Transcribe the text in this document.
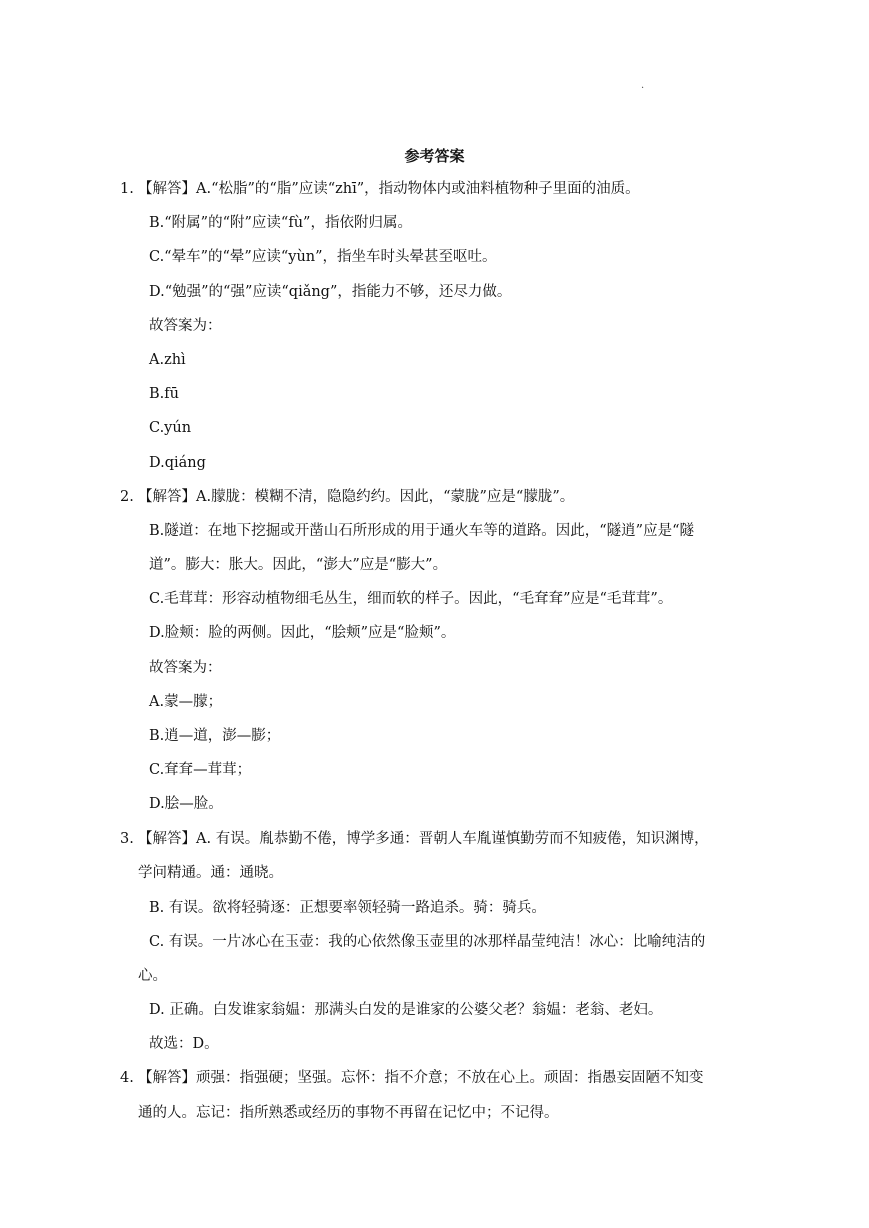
·
参考答案
1. 【解答】A.“松脂”的“脂”应读“zhī”，指动物体内或油料植物种子里面的油质。
B.“附属”的“附”应读“fù”，指依附归属。
C.“晕车”的“晕”应读“yùn”，指坐车时头晕甚至呕吐。
D.“勉强”的“强”应读“qiǎng”，指能力不够，还尽力做。
故答案为：
A.zhì
B.fū
C.yún
D.qiáng
2. 【解答】A.朦胧：模糊不清，隐隐约约。因此，“蒙胧”应是“朦胧”。
B.隧道：在地下挖掘或开凿山石所形成的用于通火车等的道路。因此，“隧逍”应是“隧
道”。膨大：胀大。因此，“澎大”应是“膨大”。
C.毛茸茸：形容动植物细毛丛生，细而软的样子。因此，“毛耷耷”应是“毛茸茸”。
D.脸颊：脸的两侧。因此，“脍颊”应是“脸颊”。
故答案为：
A.蒙—朦；
B.逍—道，澎—膨；
C.耷耷—茸茸；
D.脍—脸。
3. 【解答】A. 有误。胤恭勤不倦，博学多通：晋朝人车胤谨慎勤劳而不知疲倦，知识渊博，
学问精通。通：通晓。
B. 有误。欲将轻骑逐：正想要率领轻骑一路追杀。骑：骑兵。
C. 有误。一片冰心在玉壶：我的心依然像玉壶里的冰那样晶莹纯洁！冰心：比喻纯洁的
心。
D. 正确。白发谁家翁媪：那满头白发的是谁家的公婆父老？翁媪：老翁、老妇。
故选：D。
4. 【解答】顽强：指强硬；坚强。忘怀：指不介意；不放在心上。顽固：指愚妄固陋不知变
通的人。忘记：指所熟悉或经历的事物不再留在记忆中；不记得。
